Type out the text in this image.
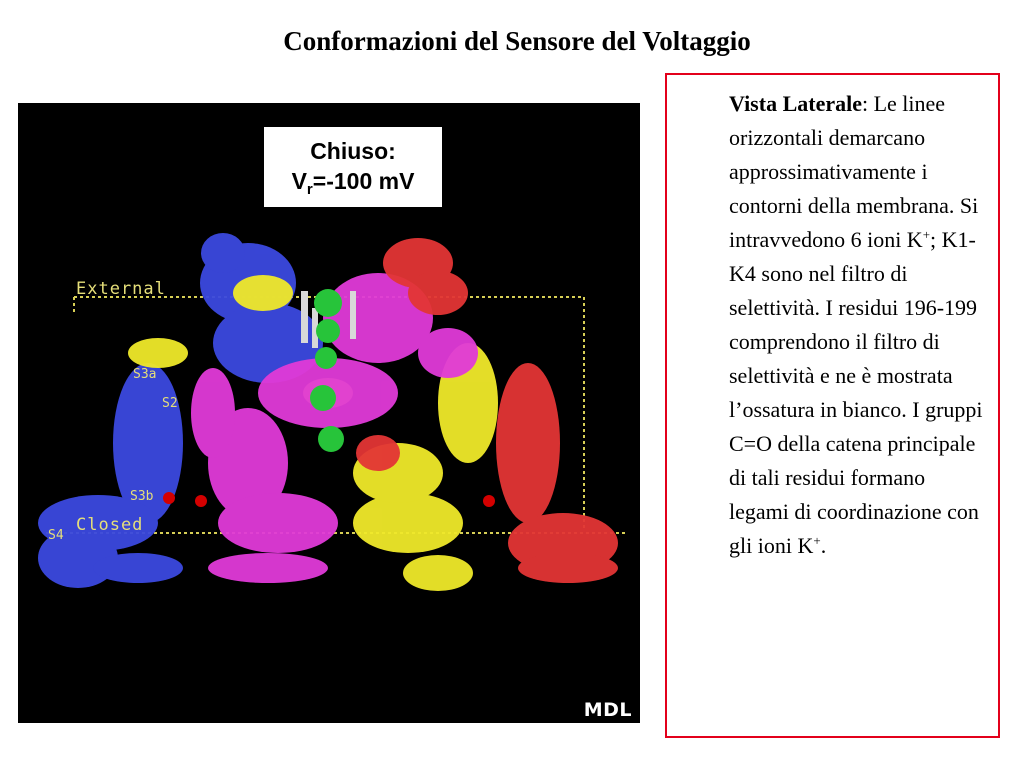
Conformazioni del Sensore del Voltaggio
Chiuso:
$V_r=-100$ mV
External
Closed
S3a
S2
S3b
S4
MDL
Vista Laterale: Le linee orizzontali demarcano approssimativamente i contorni della membrana. Si intravvedono 6 ioni K+; K1-K4 sono nel filtro di selettività. I residui 196-199 comprendono il filtro di selettività e ne è mostrata l’ossatura in bianco. I gruppi C=O della catena principale di tali residui formano legami di coordinazione con gli ioni K+.
